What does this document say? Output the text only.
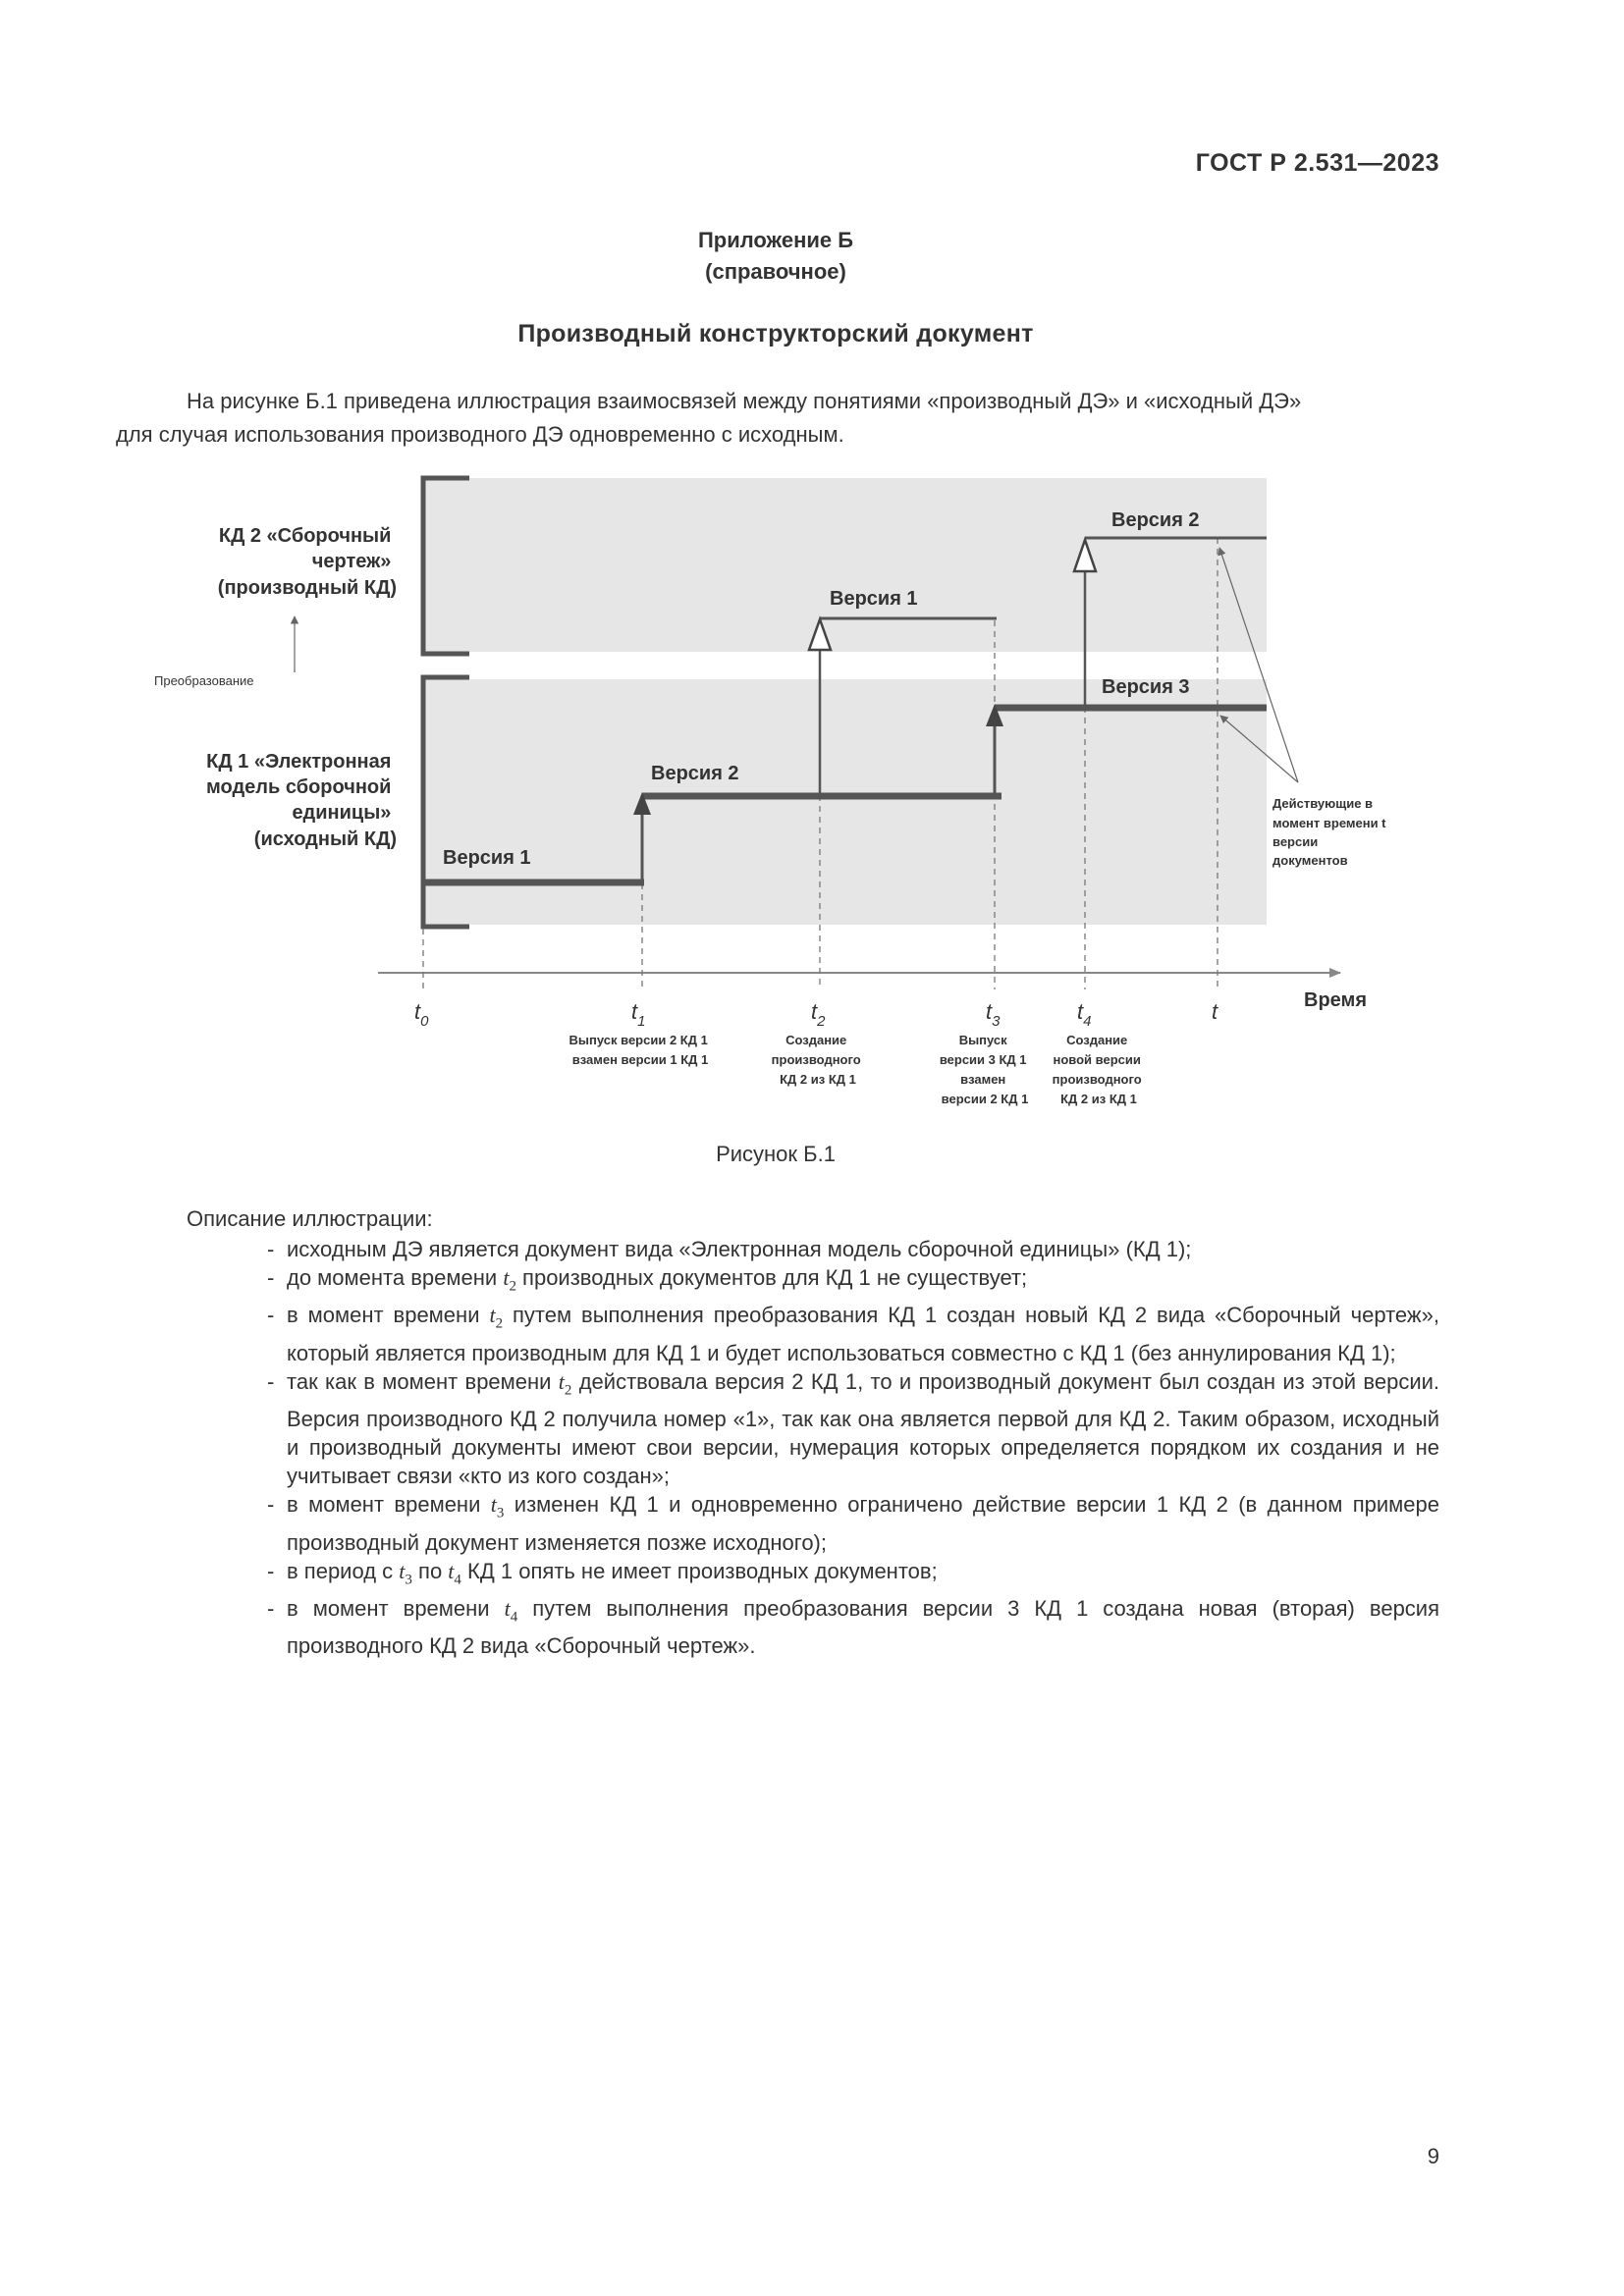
ГОСТ Р 2.531—2023
Приложение Б
(справочное)
Производный конструкторский документ

На рисунке Б.1 приведена иллюстрация взаимосвязей между понятиями «производный ДЭ» и «исходный ДЭ»

для случая использования производного ДЭ одновременно с исходным.

КД 2 «Сборочный чертеж» (производный КД)
КД 1 «Электронная модель сборочной единицы» (исходный КД)
Преобразование
Время
Версия 1
Версия 2
Версия 3
Версия 1
Версия 2
Действующие в момент времени t версии документов
$t_0$	$t_1$	$t_2$	$t_3$	$t_4$	t
Выпуск версии 2 КД 1 взамен версии 1 КД 1
Создание производного КД 2 из КД 1
Выпуск версии 3 КД 1 взамен версии 2 КД 1
Создание новой версии производного КД 2 из КД 1
Рисунок Б.1
Описание иллюстрации:
- исходным ДЭ является документ вида «Электронная модель сборочной единицы» (КД 1);
- до момента времени $t_2$ производных документов для КД 1 не существует;
- в момент времени $t_2$ путем выполнения преобразования КД 1 создан новый КД 2 вида «Сборочный чертеж», который является производным для КД 1 и будет использоваться совместно с КД 1 (без аннулирования КД 1);
- так как в момент времени $t_2$ действовала версия 2 КД 1, то и производный документ был создан из этой версии. Версия производного КД 2 получила номер «1», так как она является первой для КД 2. Таким образом, исходный и производный документы имеют свои версии, нумерация которых определяется порядком их создания и не учитывает связи «кто из кого создан»;
- в момент времени $t_3$ изменен КД 1 и одновременно ограничено действие версии 1 КД 2 (в данном примере производный документ изменяется позже исходного);
- в период с $t_3$ по $t_4$ КД 1 опять не имеет производных документов;
- в момент времени $t_4$ путем выполнения преобразования версии 3 КД 1 создана новая (вторая) версия производного КД 2 вида «Сборочный чертеж».
9
